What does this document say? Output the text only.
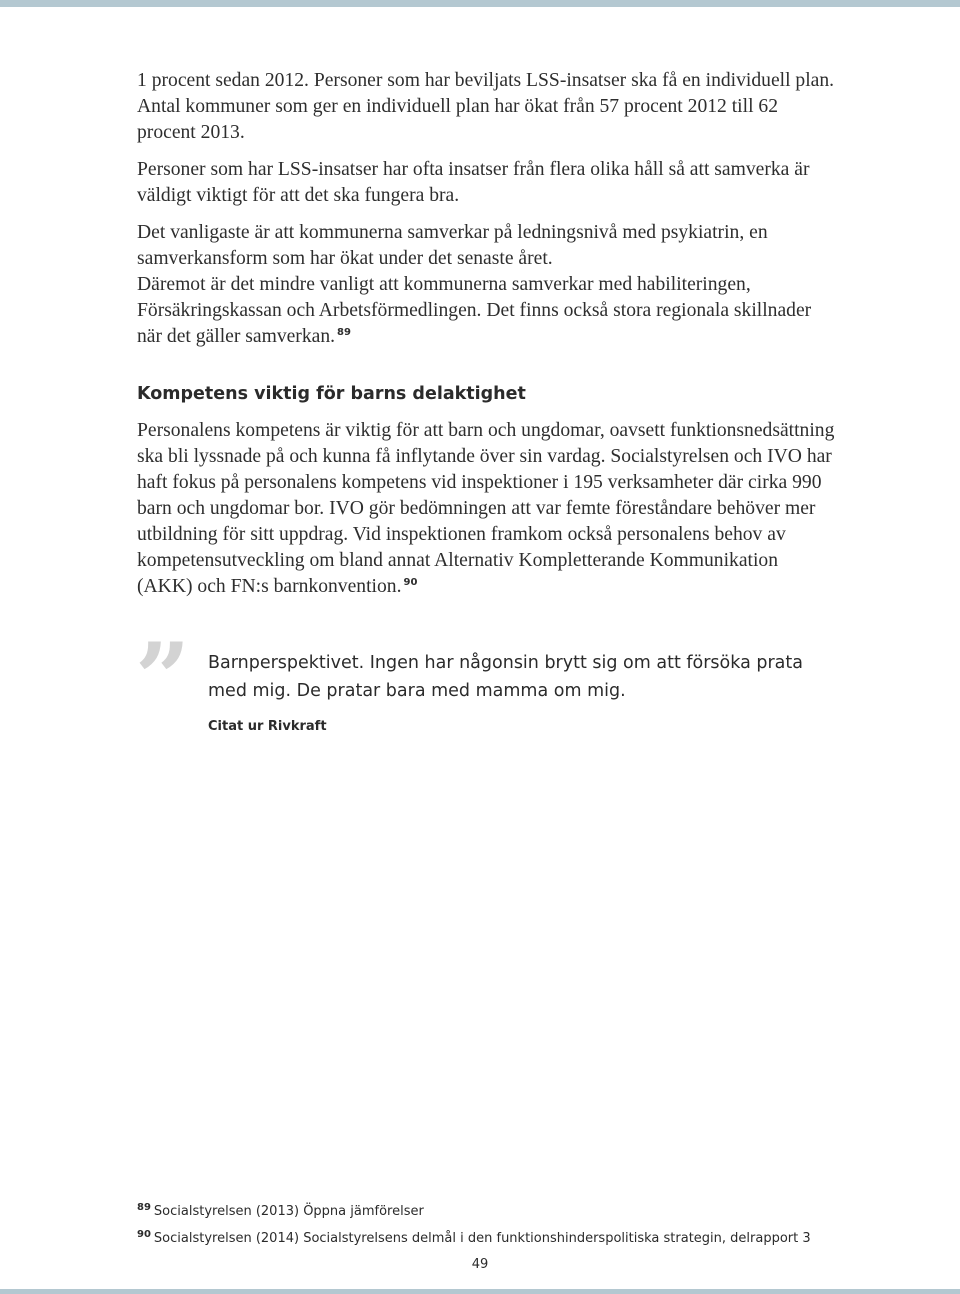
1 procent sedan 2012. Personer som har beviljats LSS-insatser ska få en individuell plan. Antal kommuner som ger en individuell plan har ökat från 57 procent 2012 till 62 procent 2013.

Personer som har LSS-insatser har ofta insatser från flera olika håll så att samverka är väldigt viktigt för att det ska fungera bra.

Det vanligaste är att kommunerna samverkar på ledningsnivå med psykiatrin, en samverkansform som har ökat under det senaste året.

Däremot är det mindre vanligt att kommunerna samverkar med habiliteringen, Försäkringskassan och Arbetsförmedlingen. Det finns också stora regionala skillnader när det gäller samverkan. $^{89}$

Kompetens viktig för barns delaktighet

Personalens kompetens är viktig för att barn och ungdomar, oavsett funktionsnedsättning ska bli lyssnade på och kunna få inflytande över sin vardag. Socialstyrelsen och IVO har haft fokus på personalens kompetens vid inspektioner i 195 verksamheter där cirka 990 barn och ungdomar bor. IVO gör bedömningen att var femte föreståndare behöver mer utbildning för sitt uppdrag. Vid inspektionen framkom också personalens behov av kompetensutveckling om bland annat Alternativ Kompletterande Kommunikation (AKK) och FN:s barnkonvention. $^{90}$

” Barnperspektivet. Ingen har någonsin brytt sig om att försöka prata med mig. De pratar bara med mamma om mig.

Citat ur Rivkraft
$^{89}$ Socialstyrelsen (2013) Öppna jämförelser
$^{90}$ Socialstyrelsen (2014) Socialstyrelsens delmål i den funktionshinderspolitiska strategin, delrapport 3
49
